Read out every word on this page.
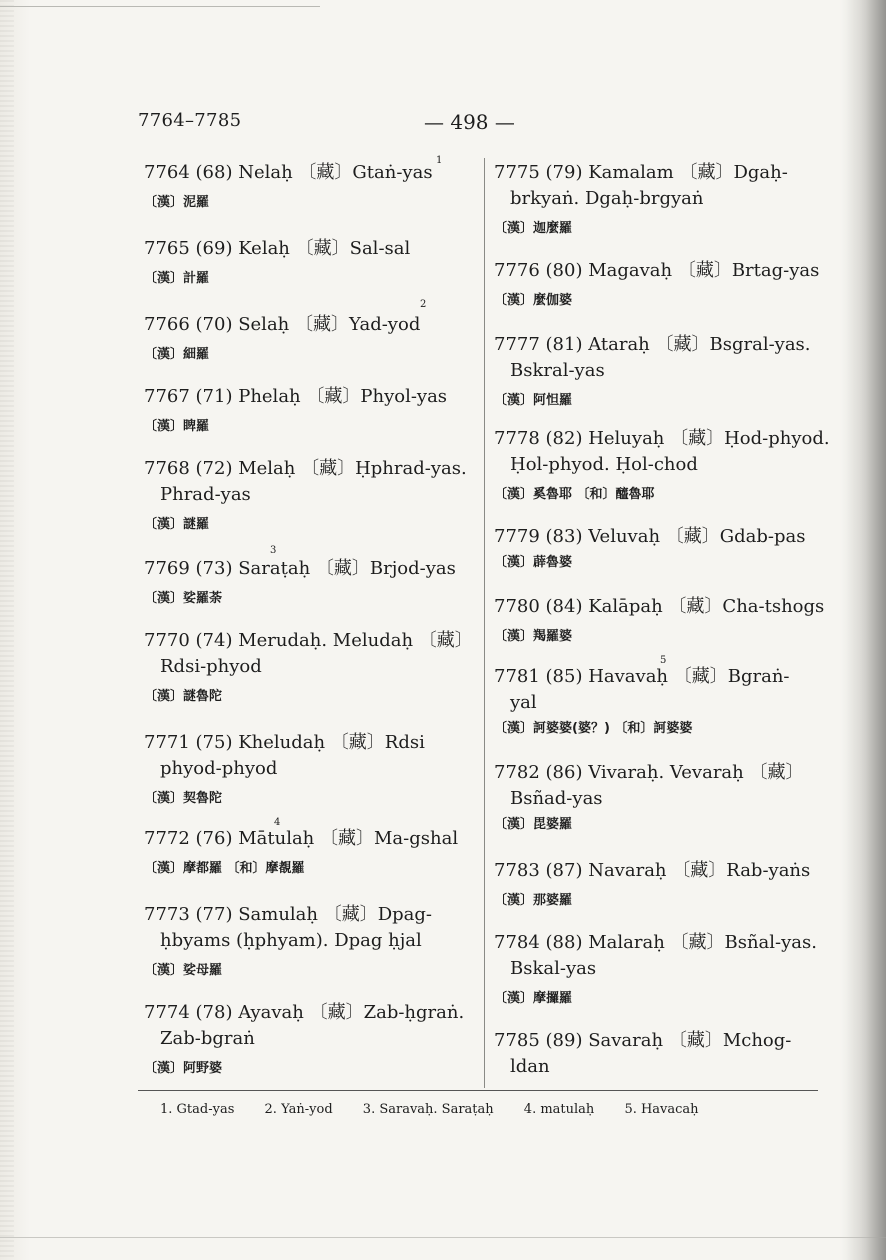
7764–7785	— 498 —
7764 (68) Nelaḥ 〔藏〕Gtaṅ-yas
〔漢〕泥羅
1
7765 (69) Kelaḥ 〔藏〕Sal-sal
〔漢〕計羅
7766 (70) Selaḥ 〔藏〕Yad-yod
〔漢〕細羅
2
7767 (71) Phelaḥ 〔藏〕Phyol-yas
〔漢〕睥羅
7768 (72) Melaḥ 〔藏〕Ḥphrad-yas.
Phrad-yas
〔漢〕謎羅
7769 (73) Saraṭaḥ 〔藏〕Brjod-yas
〔漢〕娑羅荼
3
7770 (74) Merudaḥ. Meludaḥ 〔藏〕
Rdsi-phyod
〔漢〕謎魯陀
7771 (75) Kheludaḥ 〔藏〕Rdsi
phyod-phyod
〔漢〕契魯陀
7772 (76) Mātulaḥ 〔藏〕Ma-gshal
〔漢〕摩都羅 〔和〕摩覩羅
4
7773 (77) Samulaḥ 〔藏〕Dpag-
ḥbyams (ḥphyam). Dpag ḥjal
〔漢〕娑母羅
7774 (78) Ayavaḥ 〔藏〕Zab-ḥgraṅ.
Zab-bgraṅ
〔漢〕阿野婆
7775 (79) Kamalam 〔藏〕Dgaḥ-
brkyaṅ. Dgaḥ-brgyaṅ
〔漢〕迦麼羅
7776 (80) Magavaḥ 〔藏〕Brtag-yas
〔漢〕麼伽婆
7777 (81) Ataraḥ 〔藏〕Bsgral-yas.
Bskral-yas
〔漢〕阿怛羅
7778 (82) Heluyaḥ 〔藏〕Ḥod-phyod.
Ḥol-phyod. Ḥol-chod
〔漢〕奚魯耶 〔和〕醯魯耶
7779 (83) Veluvaḥ 〔藏〕Gdab-pas
〔漢〕薜魯婆
7780 (84) Kalāpaḥ 〔藏〕Cha-tshogs
〔漢〕羯羅婆
7781 (85) Havavaḥ 〔藏〕Bgraṅ-
yal
〔漢〕訶婆婆(婆？) 〔和〕訶婆婆
5
7782 (86) Vivaraḥ. Vevaraḥ 〔藏〕
Bsñad-yas
〔漢〕毘婆羅
7783 (87) Navaraḥ 〔藏〕Rab-yaṅs
〔漢〕那婆羅
7784 (88) Malaraḥ 〔藏〕Bsñal-yas.
Bskal-yas
〔漢〕摩攞羅
7785 (89) Savaraḥ 〔藏〕Mchog-
ldan
1. Gtad-yas 2. Yaṅ-yod 3. Saravaḥ. Saraṭaḥ 4. matulaḥ 5. Havacaḥ
